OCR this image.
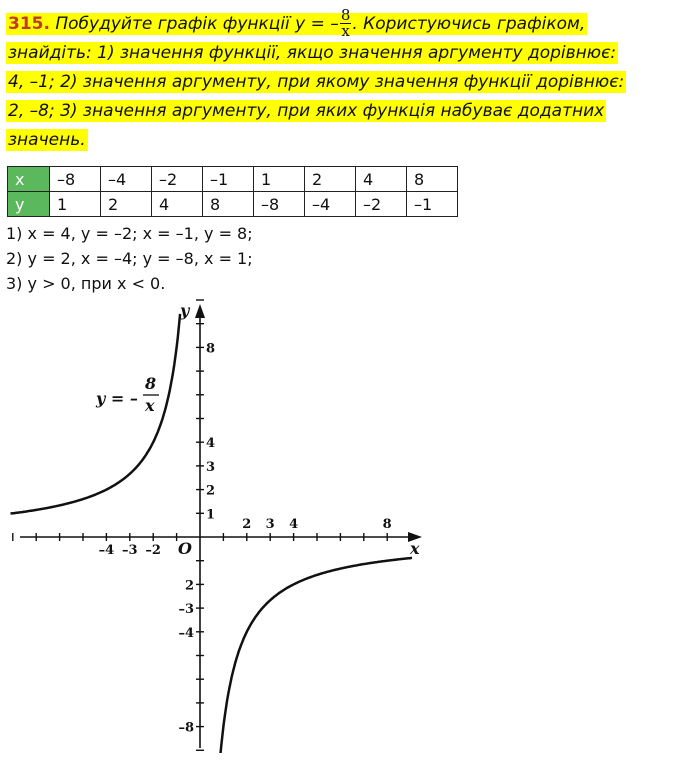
315. Побудуйте графік функції y = – $\frac{8}{x}$ . Користуючись графіком,
знайдіть: 1) значення функції, якщо значення аргументу дорівнює:
4, –1; 2) значення аргументу, при якому значення функції дорівнює:
2, –8; 3) значення аргументу, при яких функція набуває додатних
значень.
x	–8	–4	–2	–1	1	2	4	8
y	1	2	4	8	–8	–4	–2	–1
1) x = 4, y = –2; x = –1, y = 8;
2) y = 2, x = –4; y = –8, x = 1;
3) y > 0, при x < 0.
–4 –3 –2
2 3 4	8
8
4
3
2
1
2
–3
–4
–8
y
x
O
y = –
8
x
